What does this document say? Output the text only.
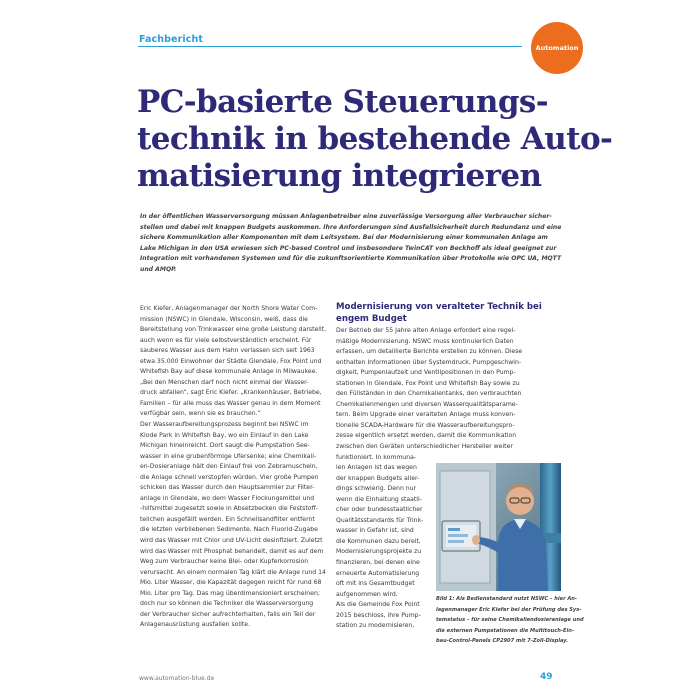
Fachbericht
Automation
PC-basierte Steuerungs-
technik in bestehende Auto-
matisierung integrieren
In der öffentlichen Wasserversorgung müssen Anlagenbetreiber eine zuverlässige Versorgung aller Verbraucher sicher-
stellen und dabei mit knappen Budgets auskommen. Ihre Anforderungen sind Ausfallsicherheit durch Redundanz und eine
sichere Kommunikation aller Komponenten mit dem Leitsystem. Bei der Modernisierung einer kommunalen Anlage am
Lake Michigan in den USA erwiesen sich PC-based Control und insbesondere TwinCAT von Beckhoff als ideal geeignet zur
Integration mit vorhandenen Systemen und für die zukunftsorientierte Kommunikation über Protokolle wie OPC UA, MQTT
und AMQP.
Eric Kiefer, Anlagenmanager der North Shore Water Com-
mission (NSWC) in Glendale, Wisconsin, weiß, dass die
Bereitstellung von Trinkwasser eine große Leistung darstellt,
auch wenn es für viele selbstverständlich erscheint. Für
sauberes Wasser aus dem Hahn verlassen sich seit 1963
etwa 35.000 Einwohner der Städte Glendale, Fox Point und
Whitefish Bay auf diese kommunale Anlage in Milwaukee.
„Bei den Menschen darf noch nicht einmal der Wasser-
druck abfallen“, sagt Eric Kiefer. „Krankenhäuser, Betriebe,
Familien – für alle muss das Wasser genau in dem Moment
verfügbar sein, wenn sie es brauchen.“
Der Wasseraufbereitungsprozess beginnt bei NSWC im
Klode Park in Whitefish Bay, wo ein Einlauf in den Lake
Michigan hineinreicht. Dort saugt die Pumpstation See-
wasser in eine grubenförmige Ufersenke; eine Chemikali-
en-Dosieranlage hält den Einlauf frei von Zebramuscheln,
die Anlage schnell verstopfen würden. Vier große Pumpen
schicken das Wasser durch den Hauptsammler zur Filter-
anlage in Glendale, wo dem Wasser Flockungsmittel und
-hilfsmittel zugesetzt sowie in Absetzbecken die Feststoff-
teilchen ausgefällt werden. Ein Schnellsandfilter entfernt
die letzten verbliebenen Sedimente. Nach Fluorid-Zugabe
wird das Wasser mit Chlor und UV-Licht desinfiziert. Zuletzt
wird das Wasser mit Phosphat behandelt, damit es auf dem
Weg zum Verbraucher keine Blei- oder Kupferkorrosion
verursacht. An einem normalen Tag klärt die Anlage rund 14
Mio. Liter Wasser, die Kapazität dagegen reicht für rund 68
Mio. Liter pro Tag. Das mag überdimensioniert erscheinen;
doch nur so können die Techniker die Wasserversorgung
der Verbraucher sicher aufrechterhalten, falls ein Teil der
Anlagenausrüstung ausfallen sollte.
Modernisierung von veralteter Technik bei
engem Budget
Der Betrieb der 55 Jahre alten Anlage erfordert eine regel-
mäßige Modernisierung. NSWC muss kontinuierlich Daten
erfassen, um detaillierte Berichte erstellen zu können. Diese
enthalten Informationen über Systemdruck, Pumpgeschwin-
digkeit, Pumpenlaufzeit und Ventilpositionen in den Pump-
stationen in Glendale, Fox Point und Whitefish Bay sowie zu
den Füllständen in den Chemikalientanks, den verbrauchten
Chemikalienmengen und diversen Wasserqualitätsparame-
tern. Beim Upgrade einer veralteten Anlage muss konven-
tionelle SCADA-Hardware für die Wasseraufbereitungspro-
zesse eigentlich ersetzt werden, damit die Kommunikation
zwischen den Geräten unterschiedlicher Hersteller weiter
funktioniert. In kommuna-
len Anlagen ist das wegen
der knappen Budgets aller-
dings schwierig. Denn nur
wenn die Einhaltung staatli-
cher oder bundesstaatlicher
Qualitätsstandards für Trink-
wasser in Gefahr ist, sind
die Kommunen dazu bereit,
Modernisierungsprojekte zu
finanzieren, bei denen eine
erneuerte Automatisierung
oft mit ins Gesamtbudget
aufgenommen wird.
Als die Gemeinde Fox Point
2015 beschloss, ihre Pump-
station zu modernisieren,
Bild 1: Als Bedienstandard nutzt NSWC – hier An-
lagenmanager Eric Kiefer bei der Prüfung des Sys-
temstatus – für seine Chemikaliendosieranlage und
die externen Pumpstationen die Multitouch-Ein-
bau-Control-Panels CP2907 mit 7-Zoll-Display.
www.automation-blue.de	49
